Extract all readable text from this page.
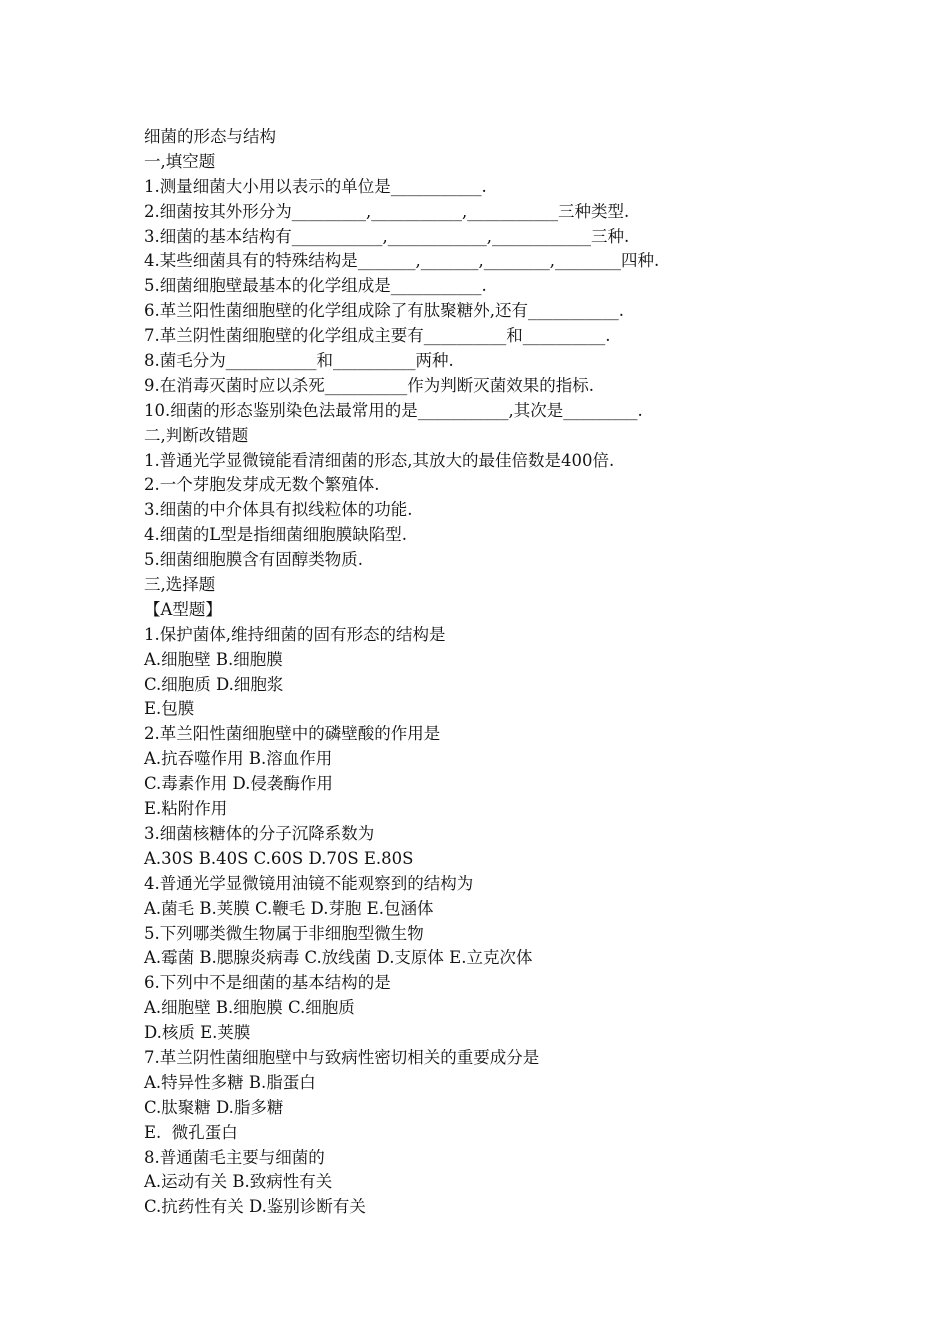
细菌的形态与结构
一,填空题
1.测量细菌大小用以表示的单位是___________.
2.细菌按其外形分为_________,___________,___________三种类型.
3.细菌的基本结构有___________,____________,____________三种.
4.某些细菌具有的特殊结构是_______,_______,________,________四种.
5.细菌细胞壁最基本的化学组成是___________.
6.革兰阳性菌细胞壁的化学组成除了有肽聚糖外,还有___________.
7.革兰阴性菌细胞壁的化学组成主要有__________和__________.
8.菌毛分为___________和__________两种.
9.在消毒灭菌时应以杀死__________作为判断灭菌效果的指标.
10.细菌的形态鉴别染色法最常用的是___________,其次是_________.
二,判断改错题
1.普通光学显微镜能看清细菌的形态,其放大的最佳倍数是400倍.
2.一个芽胞发芽成无数个繁殖体.
3.细菌的中介体具有拟线粒体的功能.
4.细菌的L型是指细菌细胞膜缺陷型.
5.细菌细胞膜含有固醇类物质.
三,选择题
【A型题】
1.保护菌体,维持细菌的固有形态的结构是
A.细胞壁 B.细胞膜
C.细胞质 D.细胞浆
E.包膜
2.革兰阳性菌细胞壁中的磷壁酸的作用是
A.抗吞噬作用 B.溶血作用
C.毒素作用 D.侵袭酶作用
E.粘附作用
3.细菌核糖体的分子沉降系数为
A.30S B.40S C.60S D.70S E.80S
4.普通光学显微镜用油镜不能观察到的结构为
A.菌毛 B.荚膜 C.鞭毛 D.芽胞 E.包涵体
5.下列哪类微生物属于非细胞型微生物
A.霉菌 B.腮腺炎病毒 C.放线菌 D.支原体 E.立克次体
6.下列中不是细菌的基本结构的是
A.细胞壁 B.细胞膜 C.细胞质
D.核质 E.荚膜
7.革兰阴性菌细胞壁中与致病性密切相关的重要成分是
A.特异性多糖 B.脂蛋白
C.肽聚糖 D.脂多糖
E.  微孔蛋白
8.普通菌毛主要与细菌的
A.运动有关 B.致病性有关
C.抗药性有关 D.鉴别诊断有关
